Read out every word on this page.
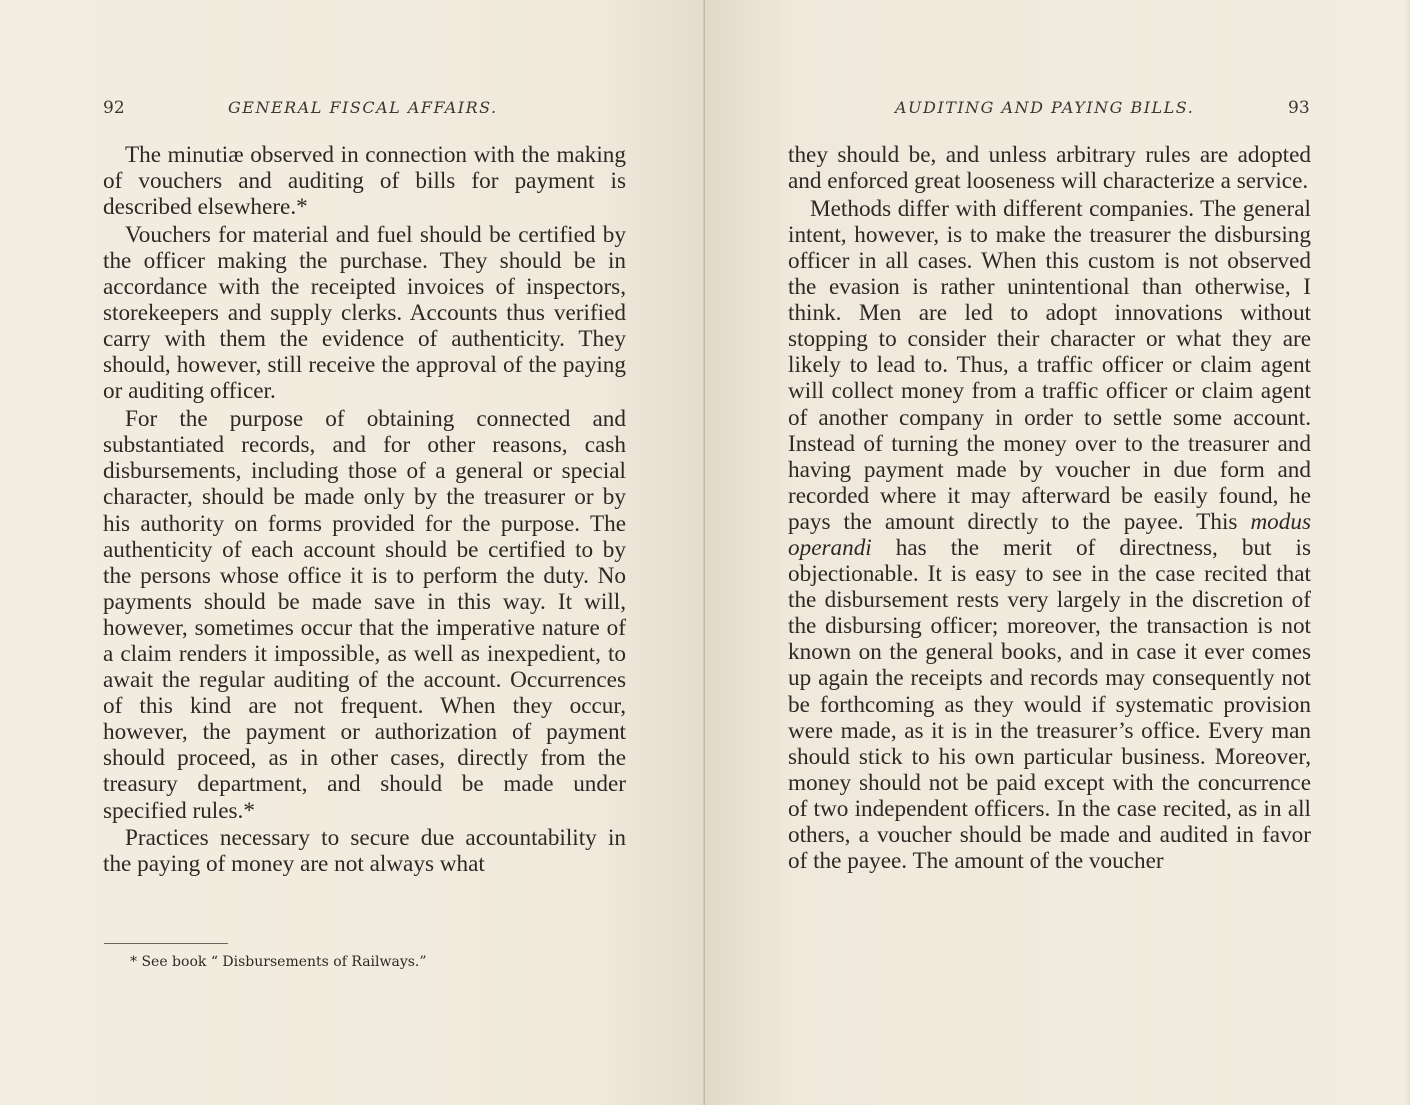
92	GENERAL FISCAL AFFAIRS.

The minutiæ observed in connection with the making of vouchers and auditing of bills for payment is described elsewhere.*

Vouchers for material and fuel should be certified by the officer making the purchase. They should be in accordance with the receipted invoices of inspectors, storekeepers and supply clerks. Accounts thus verified carry with them the evidence of authenticity. They should, however, still receive the approval of the paying or auditing officer.

For the purpose of obtaining connected and substantiated records, and for other reasons, cash disbursements, including those of a general or special character, should be made only by the treasurer or by his authority on forms provided for the purpose. The authenticity of each account should be certified to by the persons whose office it is to perform the duty. No payments should be made save in this way. It will, however, sometimes occur that the imperative nature of a claim renders it impossible, as well as inexpedient, to await the regular auditing of the account. Occurrences of this kind are not frequent. When they occur, however, the payment or authorization of payment should proceed, as in other cases, directly from the treasury department, and should be made under specified rules.*

Practices necessary to secure due accountability in the paying of money are not always what

* See book “ Disbursements of Railways.”
AUDITING AND PAYING BILLS.	93

they should be, and unless arbitrary rules are adopted and enforced great looseness will characterize a service.

Methods differ with different companies. The general intent, however, is to make the treasurer the disbursing officer in all cases. When this custom is not observed the evasion is rather unintentional than otherwise, I think. Men are led to adopt innovations without stopping to consider their character or what they are likely to lead to. Thus, a traffic officer or claim agent will collect money from a traffic officer or claim agent of another company in order to settle some account. Instead of turning the money over to the treasurer and having payment made by voucher in due form and recorded where it may afterward be easily found, he pays the amount directly to the payee. This modus operandi has the merit of directness, but is objectionable. It is easy to see in the case recited that the disbursement rests very largely in the discretion of the disbursing officer; moreover, the transaction is not known on the general books, and in case it ever comes up again the receipts and records may consequently not be forthcoming as they would if systematic provision were made, as it is in the treasurer’s office. Every man should stick to his own particular business. Moreover, money should not be paid except with the concurrence of two independent officers. In the case recited, as in all others, a voucher should be made and audited in favor of the payee. The amount of the voucher
